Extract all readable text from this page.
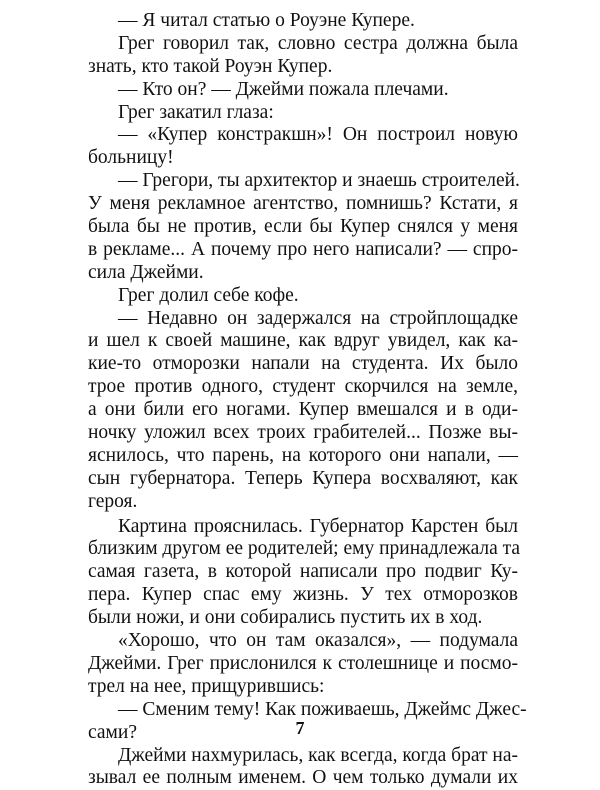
— Я читал статью о Роуэне Купере.
Грег говорил так, словно сестра должна была
знать, кто такой Роуэн Купер.
— Кто он? — Джейми пожала плечами.
Грег закатил глаза:
— «Купер констракшн»! Он построил новую
больницу!
— Грегори, ты архитектор и знаешь строителей.
У меня рекламное агентство, помнишь? Кстати, я
была бы не против, если бы Купер снялся у меня
в рекламе... А почему про него написали? — спро-
сила Джейми.
Грег долил себе кофе.
— Недавно он задержался на стройплощадке
и шел к своей машине, как вдруг увидел, как ка-
кие-то отморозки напали на студента. Их было
трое против одного, студент скорчился на земле,
а они били его ногами. Купер вмешался и в оди-
ночку уложил всех троих грабителей... Позже вы-
яснилось, что парень, на которого они напали, —
сын губернатора. Теперь Купера восхваляют, как
героя.
Картина прояснилась. Губернатор Карстен был
близким другом ее родителей; ему принадлежала та
самая газета, в которой написали про подвиг Ку-
пера. Купер спас ему жизнь. У тех отморозков
были ножи, и они собирались пустить их в ход.
«Хорошо, что он там оказался», — подумала
Джейми. Грег прислонился к столешнице и посмо-
трел на нее, прищурившись:
— Сменим тему! Как поживаешь, Джеймс Джес-
сами?
Джейми нахмурилась, как всегда, когда брат на-
зывал ее полным именем. О чем только думали их
7
